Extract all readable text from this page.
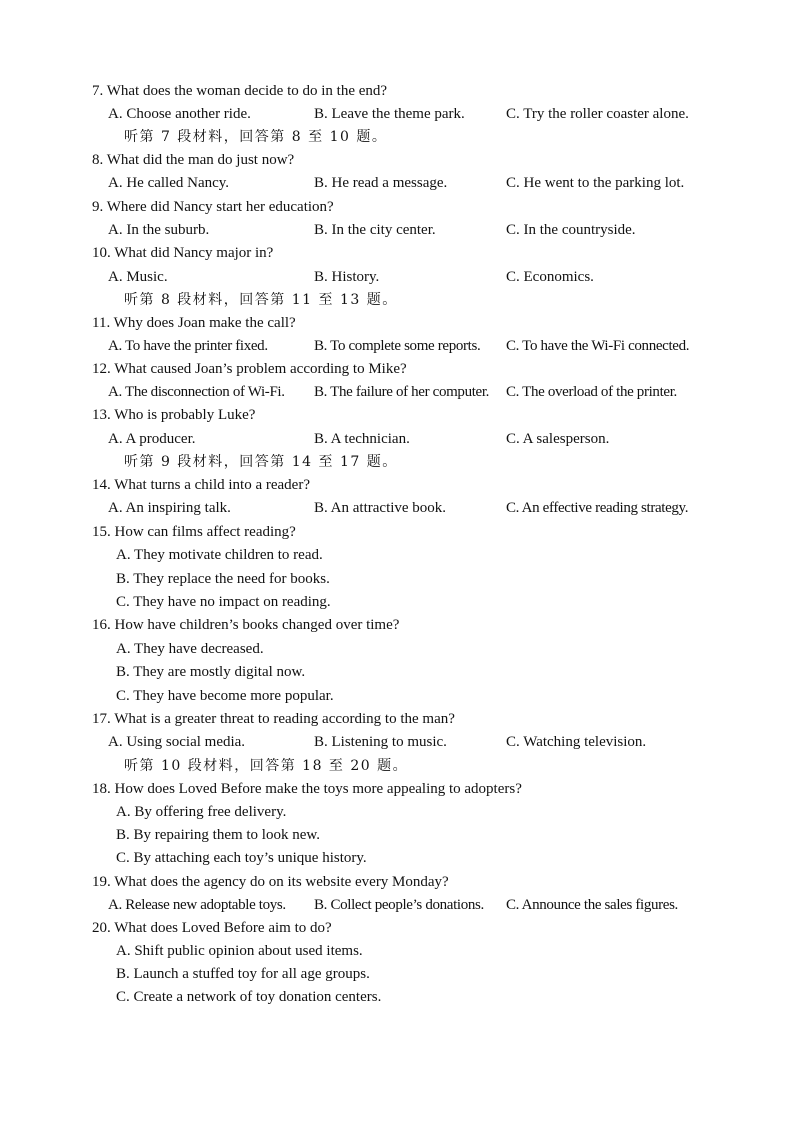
7. What does the woman decide to do in the end?
A. Choose another ride.	B. Leave the theme park.	C. Try the roller coaster alone.
听第 7 段材料，回答第 8 至 10 题。
8. What did the man do just now?
A. He called Nancy.	B. He read a message.	C. He went to the parking lot.
9. Where did Nancy start her education?
A. In the suburb.	B. In the city center.	C. In the countryside.
10. What did Nancy major in?
A. Music.	B. History.	C. Economics.
听第 8 段材料，回答第 11 至 13 题。
11. Why does Joan make the call?
A. To have the printer fixed.	B. To complete some reports. C. To have the Wi-Fi connected.
12. What caused Joan’s problem according to Mike?
A. The disconnection of Wi-Fi. B. The failure of her computer. C. The overload of the printer.
13. Who is probably Luke?
A. A producer.	B. A technician.	C. A salesperson.
听第 9 段材料，回答第 14 至 17 题。
14. What turns a child into a reader?
A. An inspiring talk.	B. An attractive book.	C. An effective reading strategy.
15. How can films affect reading?
A. They motivate children to read.
B. They replace the need for books.
C. They have no impact on reading.
16. How have children’s books changed over time?
A. They have decreased.
B. They are mostly digital now.
C. They have become more popular.
17. What is a greater threat to reading according to the man?
A. Using social media.	B. Listening to music.	C. Watching television.
听第 10 段材料，回答第 18 至 20 题。
18. How does Loved Before make the toys more appealing to adopters?
A. By offering free delivery.
B. By repairing them to look new.
C. By attaching each toy’s unique history.
19. What does the agency do on its website every Monday?
A. Release new adoptable toys. B. Collect people’s donations. C. Announce the sales figures.
20. What does Loved Before aim to do?
A. Shift public opinion about used items.
B. Launch a stuffed toy for all age groups.
C. Create a network of toy donation centers.
